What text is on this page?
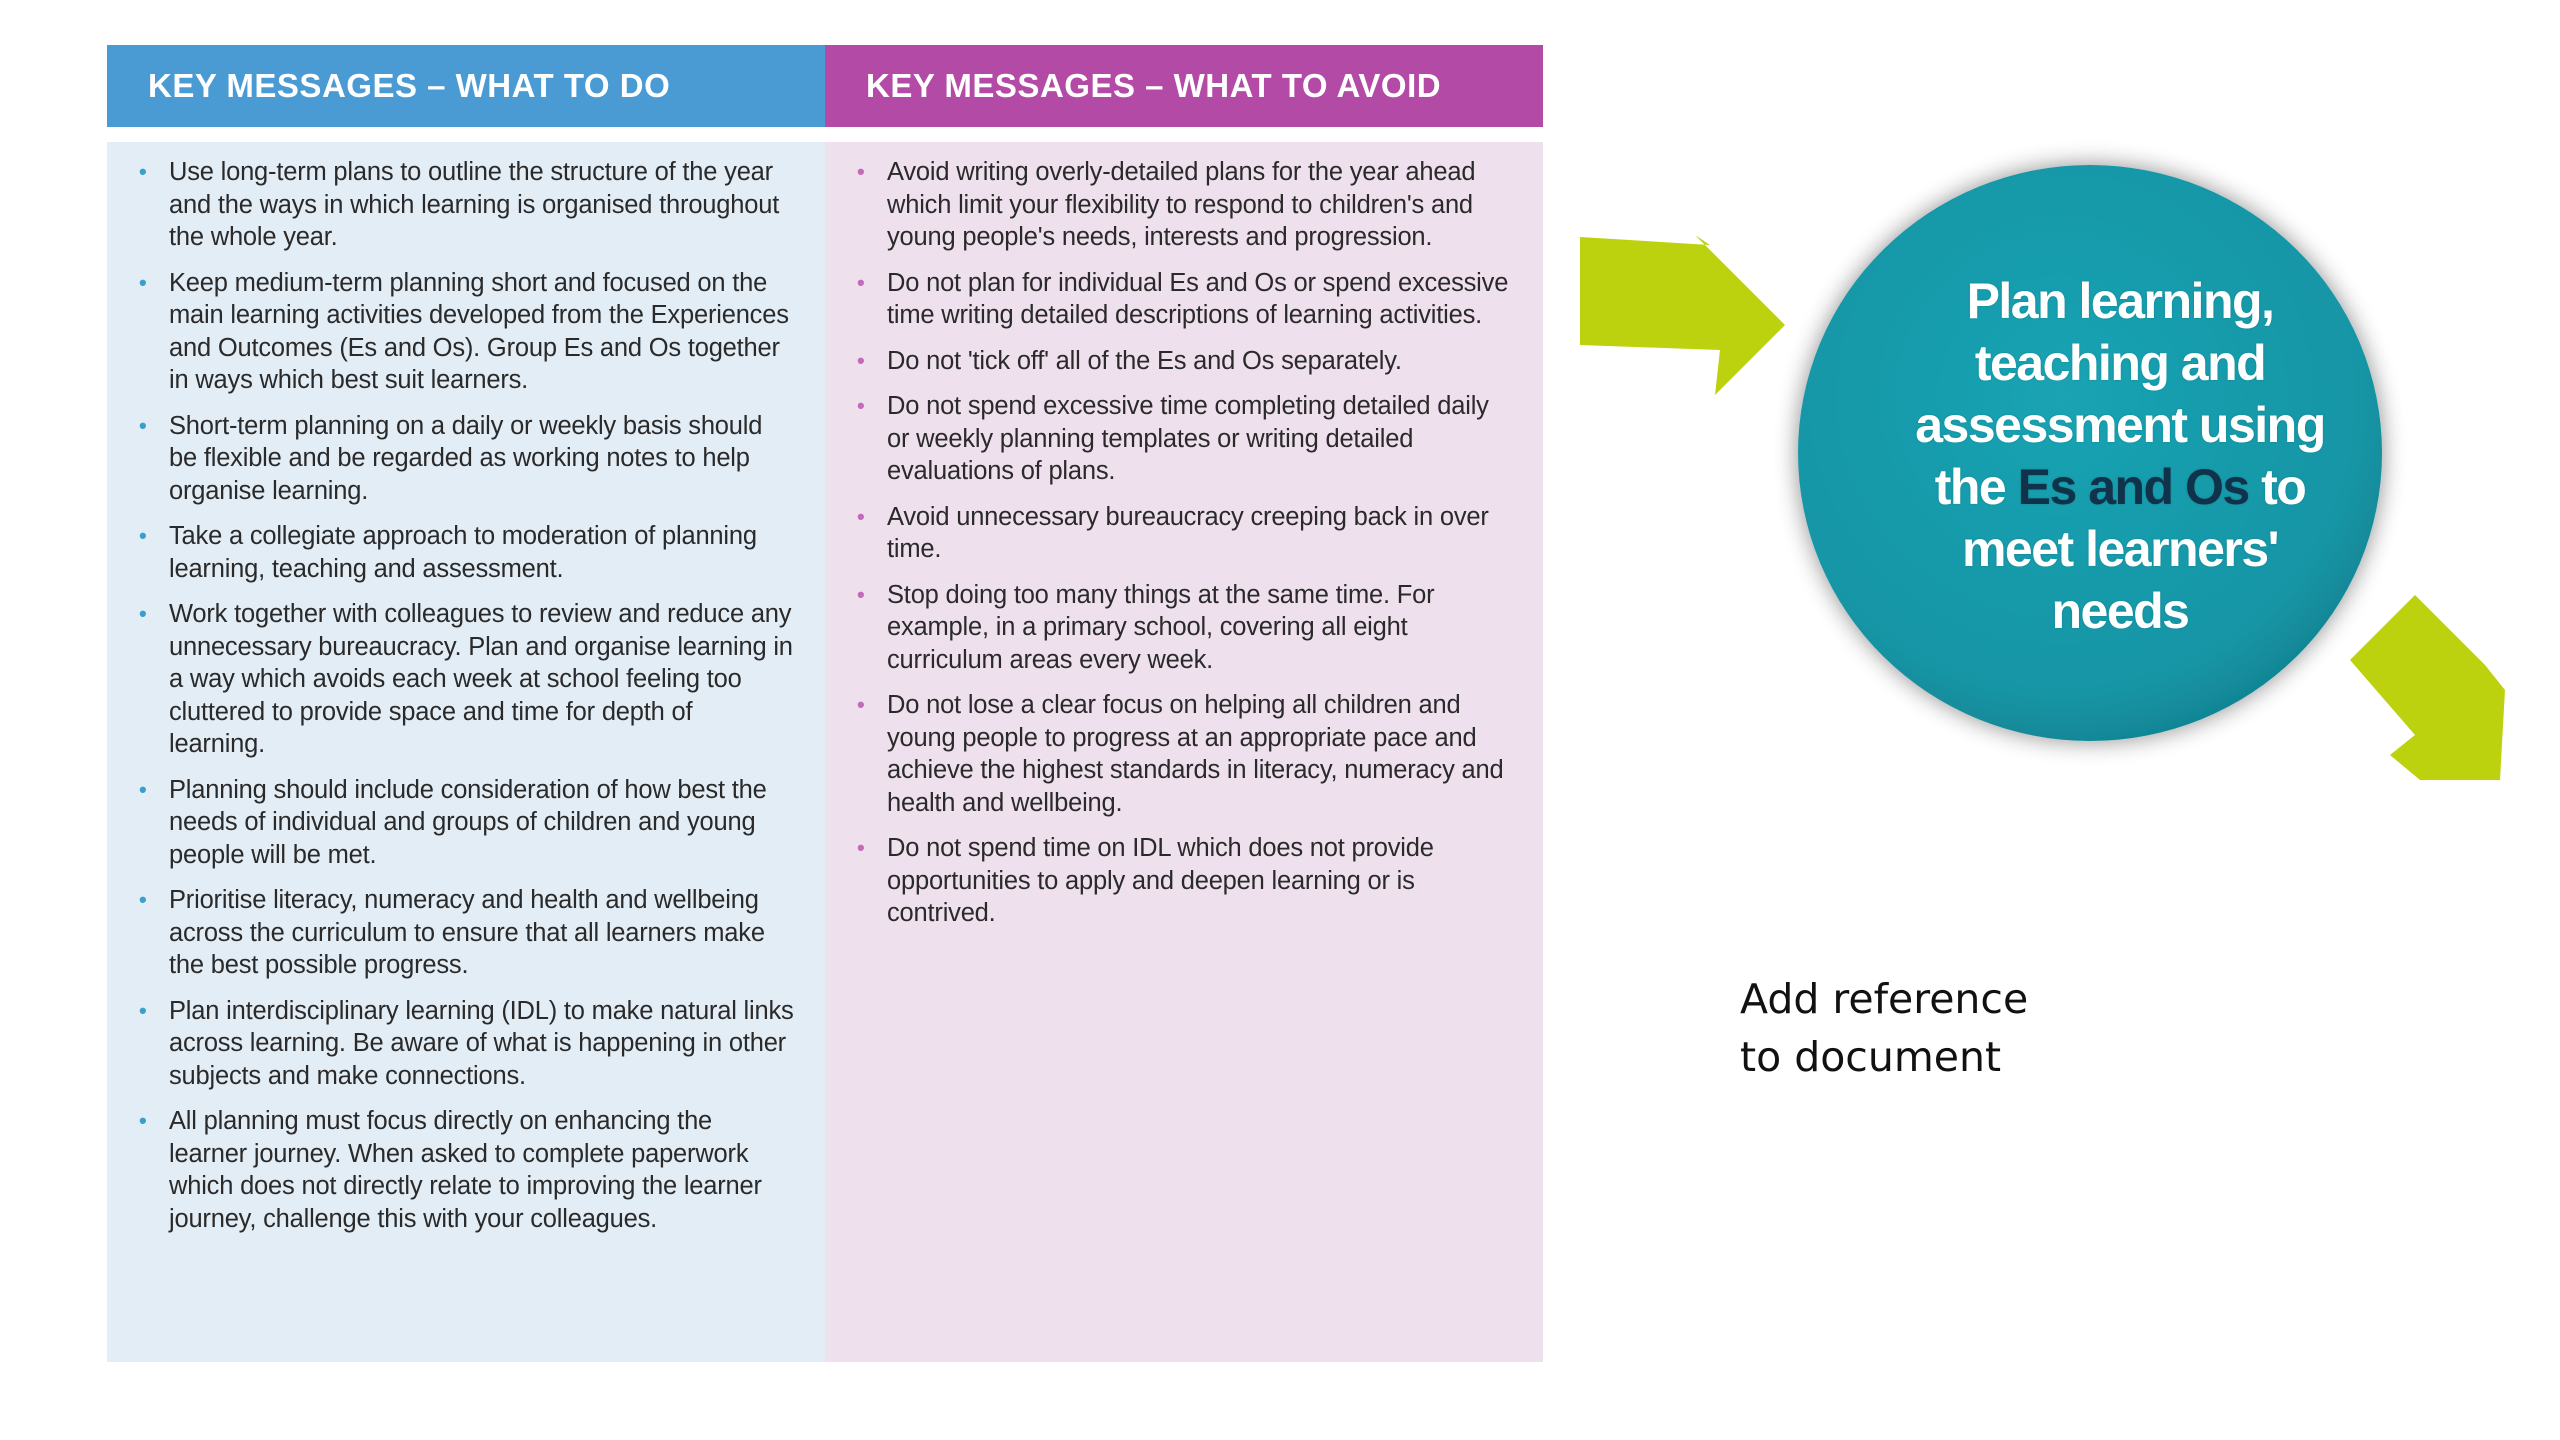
KEY MESSAGES – WHAT TO DO
• Use long-term plans to outline the structure of the year and the ways in which learning is organised throughout the whole year.
• Keep medium-term planning short and focused on the main learning activities developed from the Experiences and Outcomes (Es and Os). Group Es and Os together in ways which best suit learners.
• Short-term planning on a daily or weekly basis should be flexible and be regarded as working notes to help organise learning.
• Take a collegiate approach to moderation of planning learning, teaching and assessment.
• Work together with colleagues to review and reduce any unnecessary bureaucracy. Plan and organise learning in a way which avoids each week at school feeling too cluttered to provide space and time for depth of learning.
• Planning should include consideration of how best the needs of individual and groups of children and young people will be met.
• Prioritise literacy, numeracy and health and wellbeing across the curriculum to ensure that all learners make the best possible progress.
• Plan interdisciplinary learning (IDL) to make natural links across learning. Be aware of what is happening in other subjects and make connections.
• All planning must focus directly on enhancing the learner journey. When asked to complete paperwork which does not directly relate to improving the learner journey, challenge this with your colleagues.
KEY MESSAGES – WHAT TO AVOID
• Avoid writing overly-detailed plans for the year ahead which limit your flexibility to respond to children's and young people's needs, interests and progression.
• Do not plan for individual Es and Os or spend excessive time writing detailed descriptions of learning activities.
• Do not 'tick off' all of the Es and Os separately.
• Do not spend excessive time completing detailed daily or weekly planning templates or writing detailed evaluations of plans.
• Avoid unnecessary bureaucracy creeping back in over time.
• Stop doing too many things at the same time. For example, in a primary school, covering all eight curriculum areas every week.
• Do not lose a clear focus on helping all children and young people to progress at an appropriate pace and achieve the highest standards in literacy, numeracy and health and wellbeing.
• Do not spend time on IDL which does not provide opportunities to apply and deepen learning or is contrived.
Plan learning,
teaching and
assessment using
the Es and Os to
meet learners'
needs
Add reference
to document
